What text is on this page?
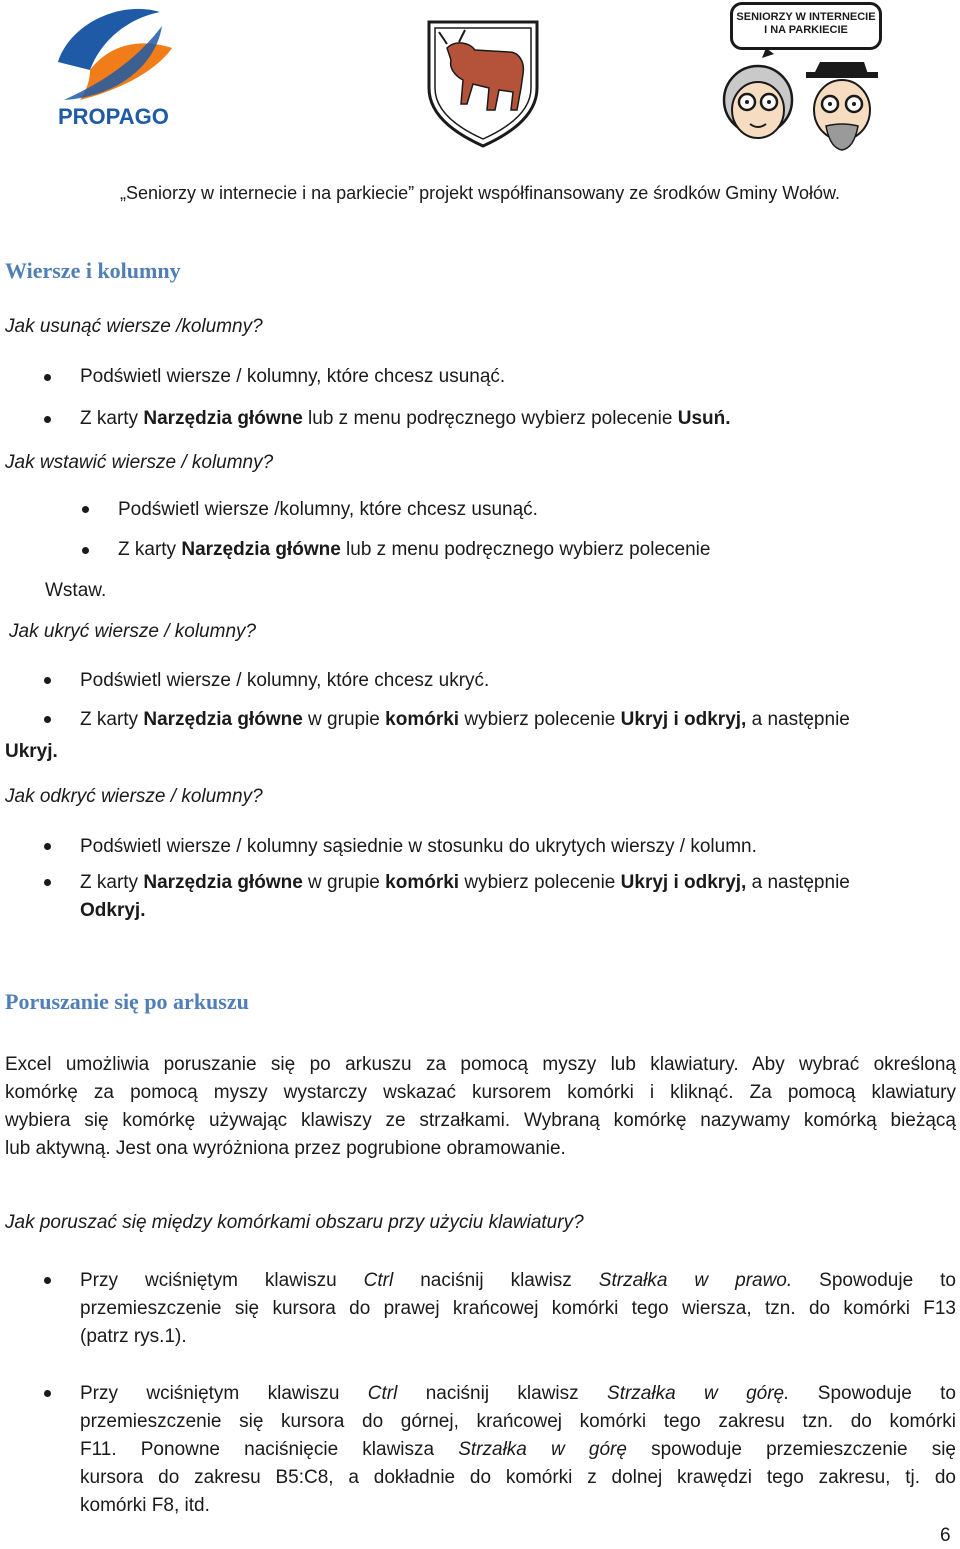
PROPAGO
SENIORZY W INTERNECIE
I NA PARKIECIE
„Seniorzy w internecie i na parkiecie” projekt współfinansowany ze środków Gminy Wołów.
Wiersze i kolumny
Jak usunąć wiersze /kolumny?
Podświetl wiersze / kolumny, które chcesz usunąć.
Z karty Narzędzia główne lub z menu podręcznego wybierz polecenie Usuń.
Jak wstawić wiersze / kolumny?
Podświetl wiersze /kolumny, które chcesz usunąć.
Z karty Narzędzia główne lub z menu podręcznego wybierz polecenie
Wstaw.
Jak ukryć wiersze / kolumny?
Podświetl wiersze / kolumny, które chcesz ukryć.
Z karty Narzędzia główne w grupie komórki wybierz polecenie Ukryj i odkryj, a następnie
Ukryj.
Jak odkryć wiersze / kolumny?
Podświetl wiersze / kolumny sąsiednie w stosunku do ukrytych wierszy / kolumn.
Z karty Narzędzia główne w grupie komórki wybierz polecenie Ukryj i odkryj, a następnie
Odkryj.
Poruszanie się po arkuszu
Excel umożliwia poruszanie się po arkuszu za pomocą myszy lub klawiatury. Aby wybrać określoną
komórkę za pomocą myszy wystarczy wskazać kursorem komórki i kliknąć. Za pomocą klawiatury
wybiera się komórkę używając klawiszy ze strzałkami. Wybraną komórkę nazywamy komórką bieżącą
lub aktywną. Jest ona wyróżniona przez pogrubione obramowanie.
Jak poruszać się między komórkami obszaru przy użyciu klawiatury?
Przy wciśniętym klawiszu Ctrl naciśnij klawisz Strzałka w prawo. Spowoduje to
przemieszczenie się kursora do prawej krańcowej komórki tego wiersza, tzn. do komórki F13
(patrz rys.1).
Przy wciśniętym klawiszu Ctrl naciśnij klawisz Strzałka w górę. Spowoduje to
przemieszczenie się kursora do górnej, krańcowej komórki tego zakresu tzn. do komórki
F11. Ponowne naciśnięcie klawisza Strzałka w górę spowoduje przemieszczenie się
kursora do zakresu B5:C8, a dokładnie do komórki z dolnej krawędzi tego zakresu, tj. do
komórki F8, itd.
6
